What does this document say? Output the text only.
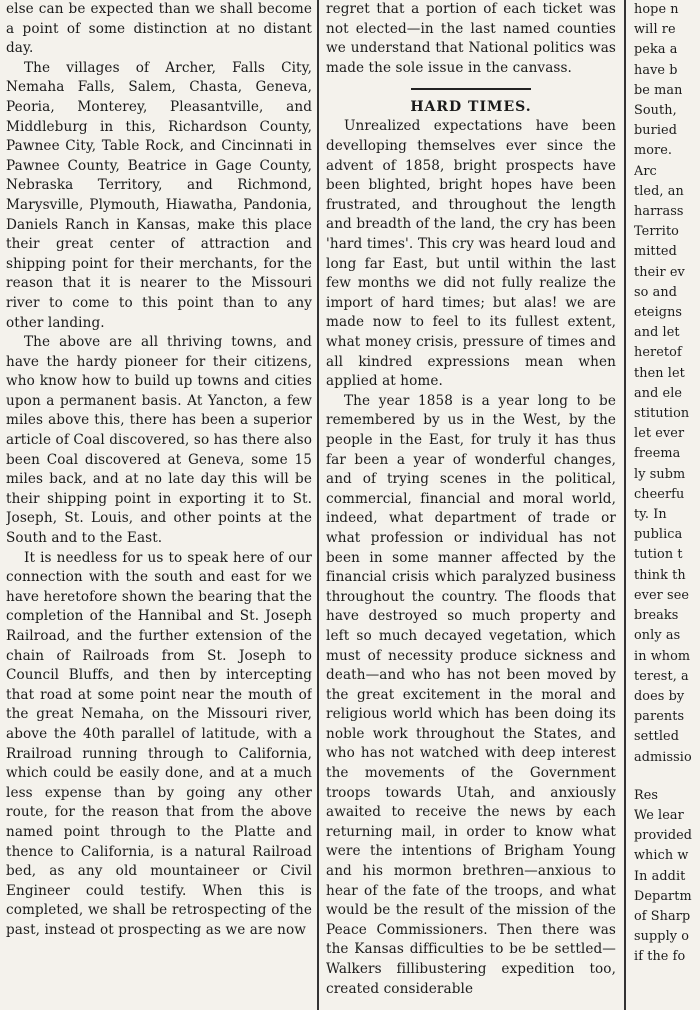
else can be expected than we shall become a point of some distinction at no distant day.

The villages of Archer, Falls City, Nemaha Falls, Salem, Chasta, Geneva, Peoria, Monterey, Pleasantville, and Middleburg in this, Richardson County, Pawnee City, Table Rock, and Cincinnati in Pawnee County, Beatrice in Gage County, Nebraska Territory, and Richmond, Marysville, Plymouth, Hiawatha, Pandonia, Daniels Ranch in Kansas, make this place their great center of attraction and shipping point for their merchants, for the reason that it is nearer to the Missouri river to come to this point than to any other landing.

The above are all thriving towns, and have the hardy pioneer for their citizens, who know how to build up towns and cities upon a permanent basis. At Yancton, a few miles above this, there has been a superior article of Coal discovered, so has there also been Coal discovered at Geneva, some 15 miles back, and at no late day this will be their shipping point in exporting it to St. Joseph, St. Louis, and other points at the South and to the East.

It is needless for us to speak here of our connection with the south and east for we have heretofore shown the bearing that the completion of the Hannibal and St. Joseph Railroad, and the further extension of the chain of Railroads from St. Joseph to Council Bluffs, and then by intercepting that road at some point near the mouth of the great Nemaha, on the Missouri river, above the 40th parallel of latitude, with a Rrailroad running through to California, which could be easily done, and at a much less expense than by going any other route, for the reason that from the above named point through to the Platte and thence to California, is a natural Railroad bed, as any old mountaineer or Civil Engineer could testify. When this is completed, we shall be retrospecting of the past, instead ot prospecting as we are now

regret that a portion of each ticket was not elected—in the last named counties we understand that National politics was made the sole issue in the canvass.

HARD TIMES.

Unrealized expectations have been develloping themselves ever since the advent of 1858, bright prospects have been blighted, bright hopes have been frustrated, and throughout the length and breadth of the land, the cry has been 'hard times'. This cry was heard loud and long far East, but until within the last few months we did not fully realize the import of hard times; but alas! we are made now to feel to its fullest extent, what money crisis, pressure of times and all kindred expressions mean when applied at home.

The year 1858 is a year long to be remembered by us in the West, by the people in the East, for truly it has thus far been a year of wonderful changes, and of trying scenes in the political, commercial, financial and moral world, indeed, what department of trade or what profession or individual has not been in some manner affected by the financial crisis which paralyzed business throughout the country. The floods that have destroyed so much property and left so much decayed vegetation, which must of necessity produce sickness and death—and who has not been moved by the great excitement in the moral and religious world which has been doing its noble work throughout the States, and who has not watched with deep interest the movements of the Government troops towards Utah, and anxiously awaited to receive the news by each returning mail, in order to know what were the intentions of Brigham Young and his mormon brethren—anxious to hear of the fate of the troops, and what would be the result of the mission of the Peace Commissioners. Then there was the Kansas difficulties to be be settled—Walkers fillibustering expedition too, created considerable

hope n
will re
peka a
have b
be man
South,
buried
more.
Arc
tled, an
harrass
Territo
mitted
their ev
so and
eteigns
and let
heretof
then let
and ele
stitution
let ever
freema
ly subm
cheerfu
ty. In
publica
tution t
think th
ever see
breaks
only as
in whom
terest, a
does by
parents
settled
admissio
Res
We lear
provided
which w
In addit
Departm
of Sharp
supply o
if the fo
